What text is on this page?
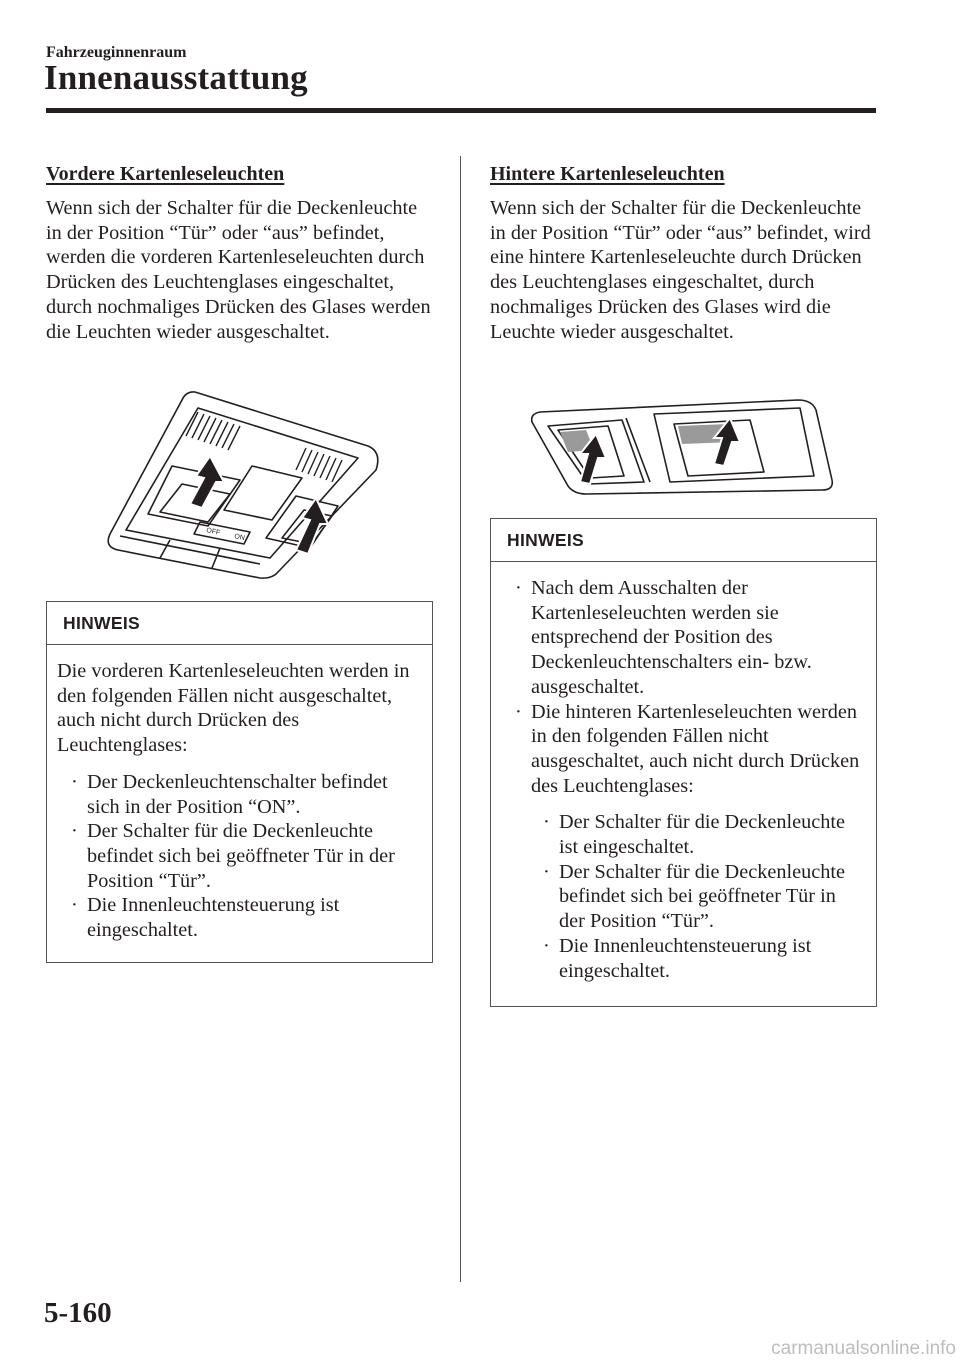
Fahrzeuginnenraum
Innenausstattung
Vordere Kartenleseleuchten

Wenn sich der Schalter für die Deckenleuchte in der Position “Tür” oder “aus” befindet, werden die vorderen Kartenleseleuchten durch Drücken des Leuchtenglases eingeschaltet, durch nochmaliges Drücken des Glases werden die Leuchten wieder ausgeschaltet.

OFF
ON
HINWEIS
Die vorderen Kartenleseleuchten werden in den folgenden Fällen nicht ausgeschaltet, auch nicht durch Drücken des Leuchtenglases:
· Der Deckenleuchtenschalter befindet sich in der Position “ON”.
· Der Schalter für die Deckenleuchte befindet sich bei geöffneter Tür in der Position “Tür”.
· Die Innenleuchtensteuerung ist eingeschaltet.
Hintere Kartenleseleuchten

Wenn sich der Schalter für die Deckenleuchte in der Position “Tür” oder “aus” befindet, wird eine hintere Kartenleseleuchte durch Drücken des Leuchtenglases eingeschaltet, durch nochmaliges Drücken des Glases wird die Leuchte wieder ausgeschaltet.

HINWEIS
· Nach dem Ausschalten der Kartenleseleuchten werden sie entsprechend der Position des Deckenleuchtenschalters ein- bzw. ausgeschaltet.
· Die hinteren Kartenleseleuchten werden in den folgenden Fällen nicht ausgeschaltet, auch nicht durch Drücken des Leuchtenglases:
· Der Schalter für die Deckenleuchte ist eingeschaltet.
· Der Schalter für die Deckenleuchte befindet sich bei geöffneter Tür in der Position “Tür”.
· Die Innenleuchtensteuerung ist eingeschaltet.
5-160
carmanualsonline.info
